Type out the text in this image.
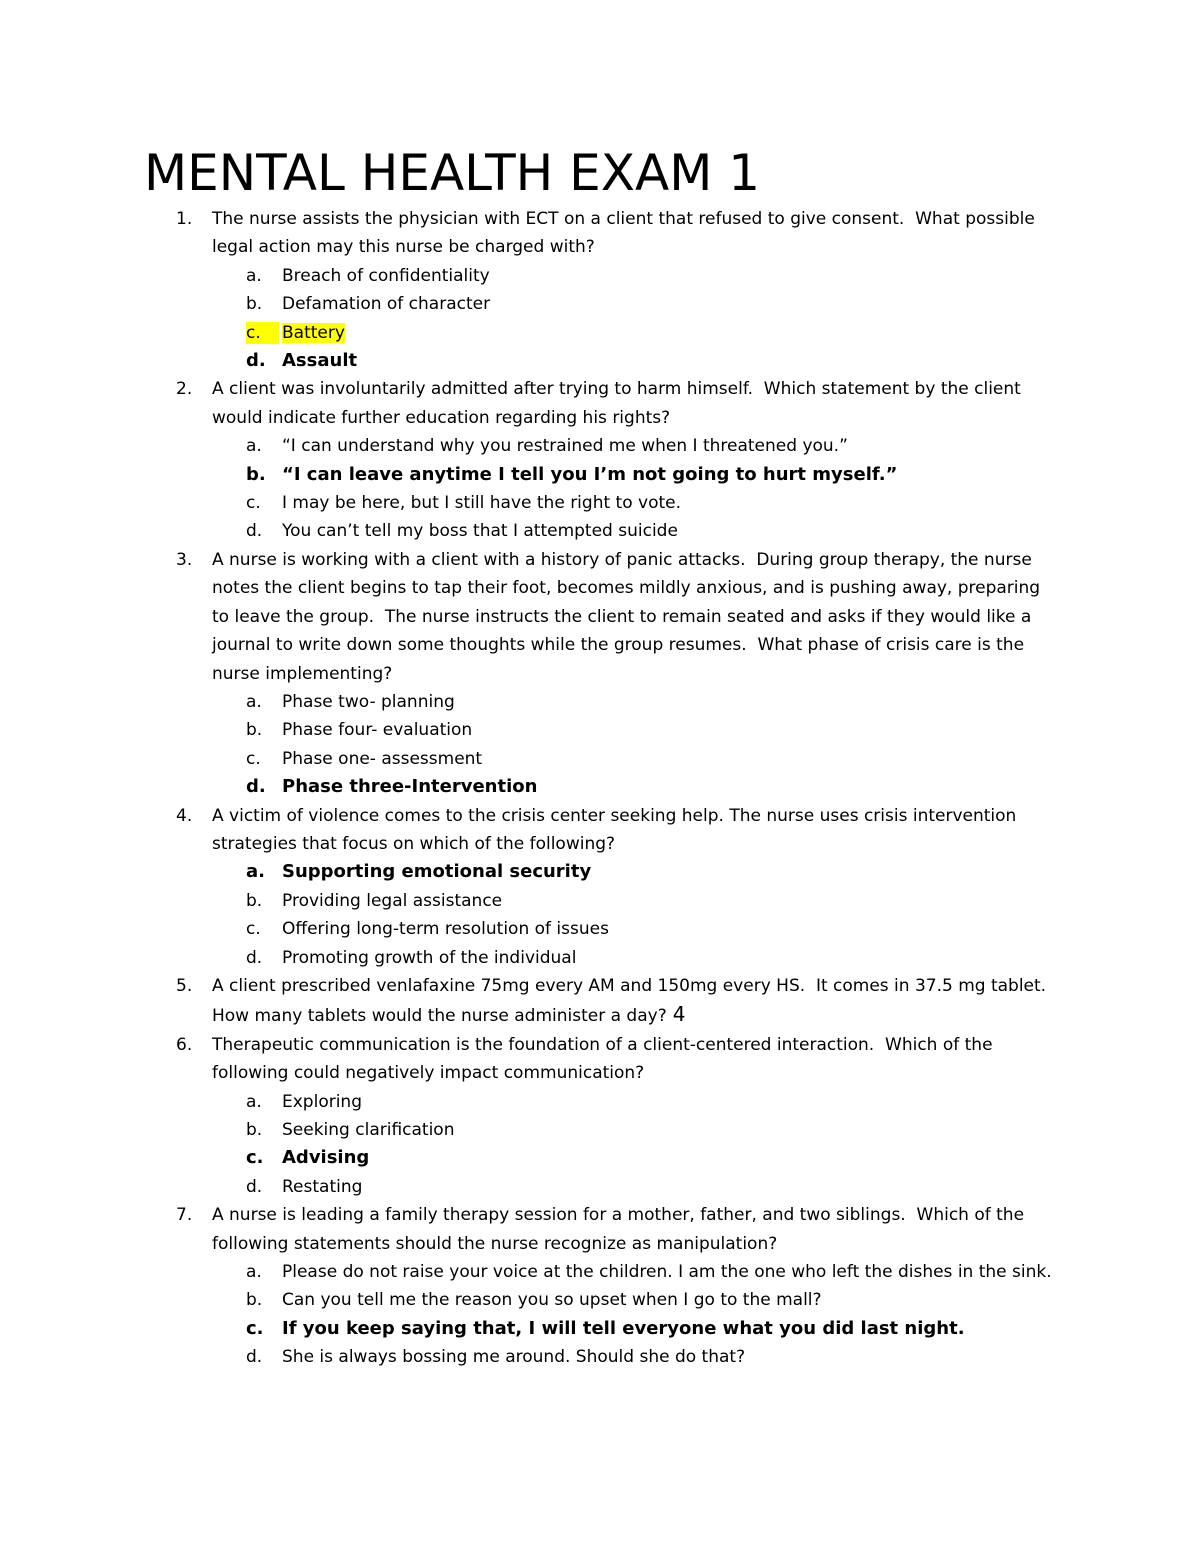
MENTAL HEALTH EXAM 1
1. The nurse assists the physician with ECT on a client that refused to give consent.  What possible legal action may this nurse be charged with?
a. Breach of confidentiality
b. Defamation of character
c.	Battery
d. Assault
2. A client was involuntarily admitted after trying to harm himself.  Which statement by the client would indicate further education regarding his rights?
a. “I can understand why you restrained me when I threatened you.”
b. “I can leave anytime I tell you I’m not going to hurt myself.”
c. I may be here, but I still have the right to vote.
d. You can’t tell my boss that I attempted suicide
3. A nurse is working with a client with a history of panic attacks.  During group therapy, the nurse notes the client begins to tap their foot, becomes mildly anxious, and is pushing away, preparing to leave the group.  The nurse instructs the client to remain seated and asks if they would like a journal to write down some thoughts while the group resumes.  What phase of crisis care is the nurse implementing?
a. Phase two- planning
b. Phase four- evaluation
c. Phase one- assessment
d. Phase three-Intervention
4. A victim of violence comes to the crisis center seeking help. The nurse uses crisis intervention strategies that focus on which of the following?
a. Supporting emotional security
b. Providing legal assistance
c. Offering long-term resolution of issues
d. Promoting growth of the individual
5. A client prescribed venlafaxine 75mg every AM and 150mg every HS.  It comes in 37.5 mg tablet.  How many tablets would the nurse administer a day? 4
6. Therapeutic communication is the foundation of a client-centered interaction.  Which of the following could negatively impact communication?
a. Exploring
b. Seeking clarification
c. Advising
d. Restating
7. A nurse is leading a family therapy session for a mother, father, and two siblings.  Which of the following statements should the nurse recognize as manipulation?
a. Please do not raise your voice at the children. I am the one who left the dishes in the sink.
b. Can you tell me the reason you so upset when I go to the mall?
c. If you keep saying that, I will tell everyone what you did last night.
d. She is always bossing me around. Should she do that?
